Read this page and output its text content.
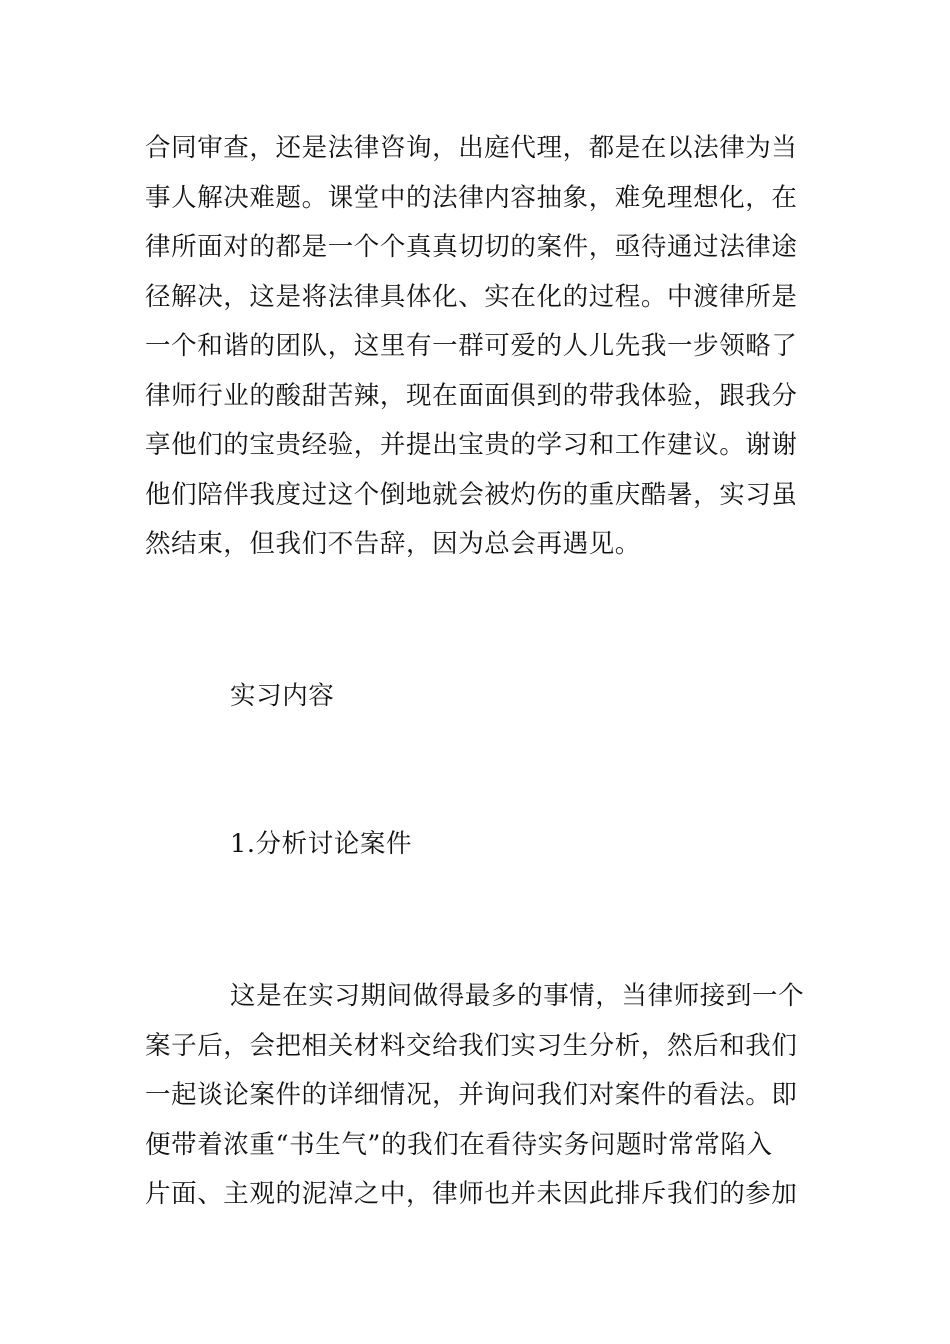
合同审查，还是法律咨询，出庭代理，都是在以法律为当
事人解决难题。课堂中的法律内容抽象，难免理想化，在
律所面对的都是一个个真真切切的案件，亟待通过法律途
径解决，这是将法律具体化、实在化的过程。中渡律所是
一个和谐的团队，这里有一群可爱的人儿先我一步领略了
律师行业的酸甜苦辣，现在面面俱到的带我体验，跟我分
享他们的宝贵经验，并提出宝贵的学习和工作建议。谢谢
他们陪伴我度过这个倒地就会被灼伤的重庆酷暑，实习虽
然结束，但我们不告辞，因为总会再遇见。
实习内容
1.分析讨论案件
这是在实习期间做得最多的事情，当律师接到一个
案子后，会把相关材料交给我们实习生分析，然后和我们
一起谈论案件的详细情况，并询问我们对案件的看法。即
便带着浓重“书生气”的我们在看待实务问题时常常陷入
片面、主观的泥淖之中，律师也并未因此排斥我们的参加
